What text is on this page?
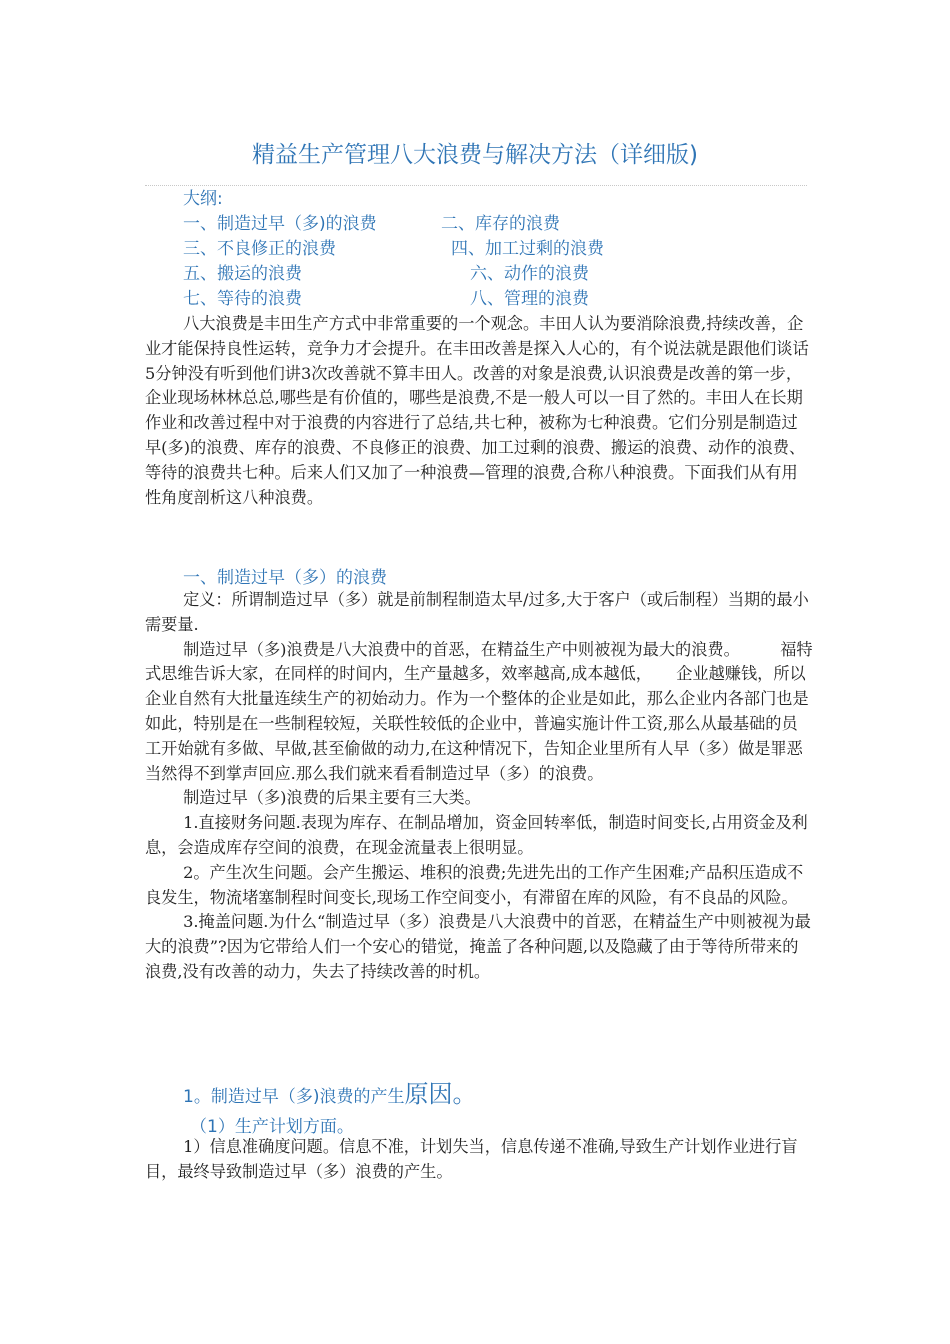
精益生产管理八大浪费与解决方法（详细版)
大纲:
一、制造过早（多)的浪费	二、库存的浪费
三、不良修正的浪费	四、加工过剩的浪费
五、搬运的浪费	六、动作的浪费
七、等待的浪费	八、管理的浪费

八大浪费是丰田生产方式中非常重要的一个观念。丰田人认为要消除浪费,持续改善，企业才能保持良性运转，竞争力才会提升。在丰田改善是探入人心的，有个说法就是跟他们谈话5分钟没有听到他们讲3次改善就不算丰田人。改善的对象是浪费,认识浪费是改善的第一步，企业现场林林总总,哪些是有价值的，哪些是浪费,不是一般人可以一目了然的。丰田人在长期作业和改善过程中对于浪费的内容进行了总结,共七种，被称为七种浪费。它们分别是制造过早(多)的浪费、库存的浪费、不良修正的浪费、加工过剩的浪费、搬运的浪费、动作的浪费、等待的浪费共七种。后来人们又加了一种浪费—管理的浪费,合称八种浪费。下面我们从有用性角度剖析这八种浪费。

一、制造过早（多）的浪费

定义：所谓制造过早（多）就是前制程制造太早/过多,大于客户（或后制程）当期的最小需要量.

制造过早（多)浪费是八大浪费中的首恶，在精益生产中则被视为最大的浪费。　　　福特式思维告诉大家，在同样的时间内，生产量越多，效率越高,成本越低，　　企业越赚钱，所以企业自然有大批量连续生产的初始动力。作为一个整体的企业是如此，那么企业内各部门也是如此，特别是在一些制程较短，关联性较低的企业中，普遍实施计件工资,那么从最基础的员工开始就有多做、早做,甚至偷做的动力,在这种情况下，告知企业里所有人早（多）做是罪恶当然得不到掌声回应.那么我们就来看看制造过早（多）的浪费。

制造过早（多)浪费的后果主要有三大类。

1.直接财务问题.表现为库存、在制品增加，资金回转率低，制造时间变长,占用资金及利息，会造成库存空间的浪费，在现金流量表上很明显。

2。产生次生问题。会产生搬运、堆积的浪费;先进先出的工作产生困难;产品积压造成不良发生，物流堵塞制程时间变长,现场工作空间变小，有滞留在库的风险，有不良品的风险。

3.掩盖问题.为什么“制造过早（多）浪费是八大浪费中的首恶，在精益生产中则被视为最大的浪费”?因为它带给人们一个安心的错觉，掩盖了各种问题,以及隐藏了由于等待所带来的浪费,没有改善的动力，失去了持续改善的时机。

1。制造过早（多)浪费的产生原因。
（1）生产计划方面。

1）信息准确度问题。信息不准，计划失当，信息传递不准确,导致生产计划作业进行盲目，最终导致制造过早（多）浪费的产生。
